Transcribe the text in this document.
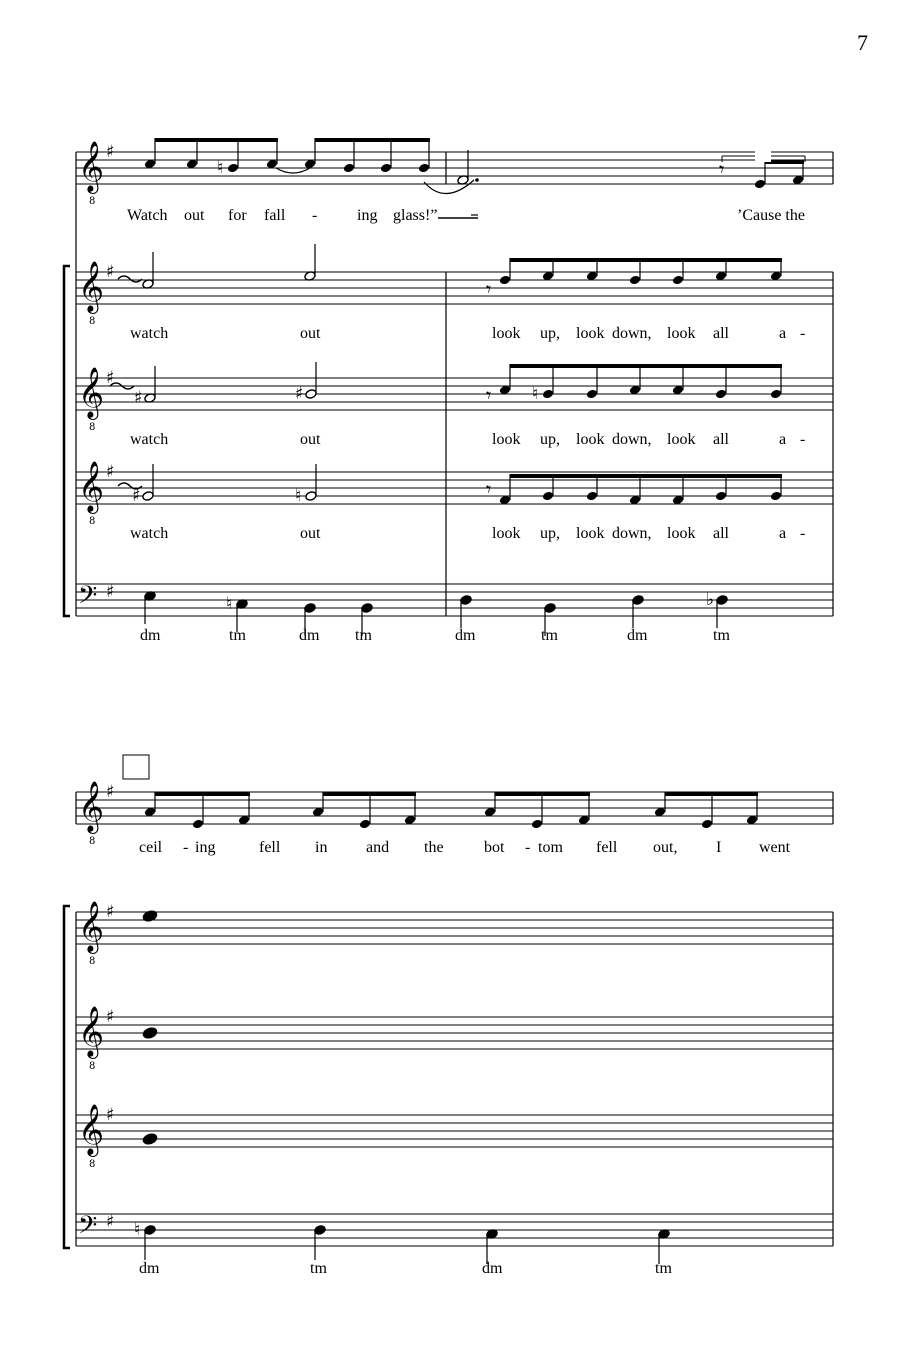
7
𝄞
8
♯
𝄞
8
♯
𝄞
8
♯
𝄞
8
♯
𝄢 ♯
♮	𝄾
Watch out for fall - ing glass!”	’Cause the
𝄾
watch	out	look up, look down, look all	a -
♯	♯	𝄾 ♮
watch	out	look up, look down, look all	a -
♯	♮	𝄾
watch	out	look up, look down, look all	a -
♮	♭
dm	tm	dm tm	dm	tm	dm	tm
𝄞
8
♯
𝄞
8
♯
𝄞
8
♯
𝄞
8
♯
𝄢 ♯
ceil - ing	fell in and the	bot - tom fell out, I went
♮
dm	tm	dm	tm
